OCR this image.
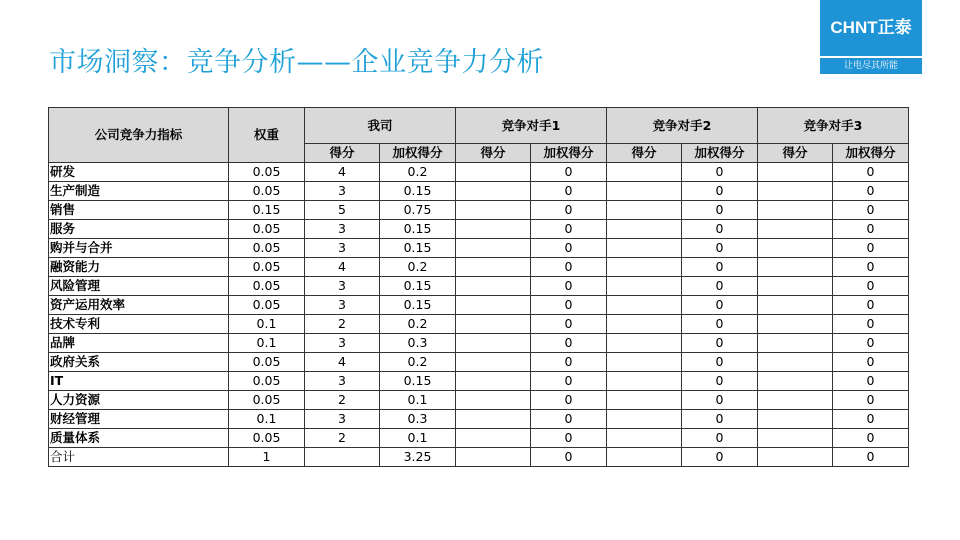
市场洞察：竞争分析——企业竞争力分析
CHNT正泰
让电尽其所能
公司竞争力指标	权重	我司		竞争对手1		竞争对手2		竞争对手3	
		得分	加权得分	得分	加权得分	得分	加权得分	得分	加权得分
研发	0.05	4	0.2		0		0		0
生产制造	0.05	3	0.15		0		0		0
销售	0.15	5	0.75		0		0		0
服务	0.05	3	0.15		0		0		0
购并与合并	0.05	3	0.15		0		0		0
融资能力	0.05	4	0.2		0		0		0
风险管理	0.05	3	0.15		0		0		0
资产运用效率	0.05	3	0.15		0		0		0
技术专利	0.1	2	0.2		0		0		0
品牌	0.1	3	0.3		0		0		0
政府关系	0.05	4	0.2		0		0		0
IT	0.05	3	0.15		0		0		0
人力资源	0.05	2	0.1		0		0		0
财经管理	0.1	3	0.3		0		0		0
质量体系	0.05	2	0.1		0		0		0
合计	1		3.25		0		0		0
